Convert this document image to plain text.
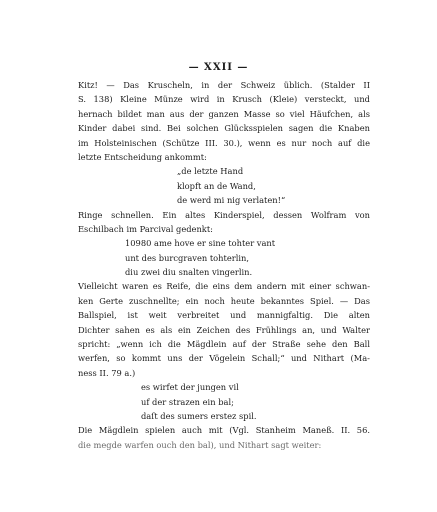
— XXII —
Kitz! — Das Kruscheln, in der Schweiz üblich. (Stalder II
S. 138) Kleine Münze wird in Krusch (Kleie) versteckt, und
hernach bildet man aus der ganzen Masse so viel Häufchen, als
Kinder dabei sind. Bei solchen Glücksspielen sagen die Knaben
im Holsteinischen (Schütze III. 30.), wenn es nur noch auf die
letzte Entscheidung ankommt:
„de letzte Hand
klopft an de Wand,
de werd mi nig verlaten!“
Ringe schnellen. Ein altes Kinderspiel, dessen Wolfram von
Eschilbach im Parcival gedenkt:
10980 ame hove er sine tohter vant
unt des burcgraven tohterlin,
diu zwei diu snalten vingerlin.
Vielleicht waren es Reife, die eins dem andern mit einer schwan-
ken Gerte zuschnellte; ein noch heute bekanntes Spiel. — Das
Ballspiel, ist weit verbreitet und mannigfaltig. Die alten
Dichter sahen es als ein Zeichen des Frühlings an, und Walter
spricht: „wenn ich die Mägdlein auf der Straße sehe den Ball
werfen, so kommt uns der Vögelein Schall;“ und Nithart (Ma-
ness II. 79 a.)
es wirfet der jungen vil
uf der strazen ein bal;
daſt des sumers erstez spil.
Die Mägdlein spielen auch mit (Vgl. Stanheim Maneß. II. 56.
die megde warfen ouch den bal), und Nithart sagt weiter:
